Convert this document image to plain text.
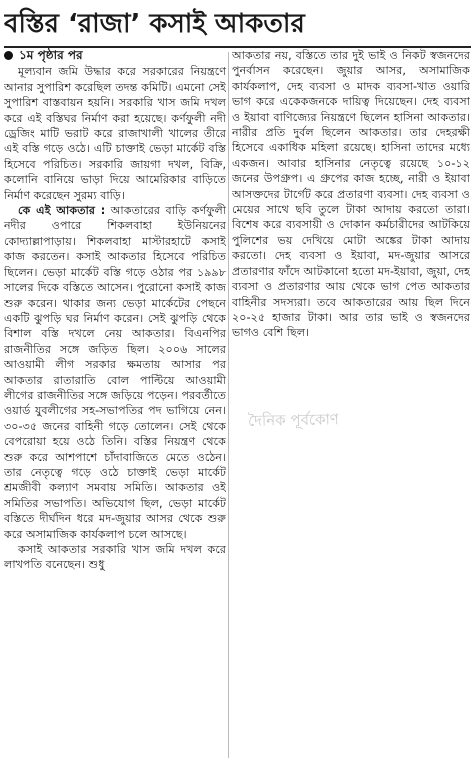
বস্তির ‘রাজা’ কসাই আকতার
১ম পৃষ্ঠার পর

মূল্যবান জমি উদ্ধার করে সরকারের নিয়ন্ত্রণে আনার সুপারিশ করেছিল তদন্ত কমিটি। এমনো সেই সুপারিশ বাস্তবায়ন হয়নি। সরকারি খাস জমি দখল করে এই বস্তিঘর নির্মাণ করা হয়েছে। কর্ণফুলী নদী ড্রেজিং মাটি ভরাট করে রাজাখালী খালের তীরে এই বস্তি গড়ে ওঠে। এটি চাক্তাই ভেড়া মার্কেট বস্তি হিসেবে পরিচিত। সরকারি জায়গা দখল, বিক্রি, কলোনি বানিয়ে ভাড়া দিয়ে আমেরিকার বাড়িতে নির্মাণ করেছেন সুরম্য বাড়ি।

কে এই আকতার : আকতারের বাড়ি কর্ণফুলী নদীর ওপারে শিকলবাহা ইউনিয়নের কোদ্যাল্লাপাড়ায়। শিকলবাহা মাস্টারহাটে কসাই কাজ করতেন। কসাই আকতার হিসেবে পরিচিত ছিলেন। ভেড়া মার্কেট বস্তি গড়ে ওঠার পর ১৯৯৮ সালের দিকে বস্তিতে আসেন। পুরোনো কসাই কাজ শুরু করেন। থাকার জন্য ভেড়া মার্কেটের পেছনে একটি ঝুপড়ি ঘর নির্মাণ করেন। সেই ঝুপড়ি থেকে বিশাল বস্তি দখলে নেয় আকতার। বিএনপির রাজনীতির সঙ্গে জড়িত ছিল। ২০০৬ সালের আওয়ামী লীগ সরকার ক্ষমতায় আসার পর আকতার রাতারাতি বোল পাল্টিয়ে আওয়ামী লীগের রাজনীতির সঙ্গে জড়িয়ে পড়েন। পরবর্তীতে ওয়ার্ড যুবলীগের সহ-সভাপতির পদ ভাগিয়ে নেন। ৩০-৩৫ জনের বাহিনী গড়ে তোলেন। সেই থেকে বেপরোয়া হয়ে ওঠে তিনি। বস্তির নিয়ন্ত্রণ থেকে শুরু করে আশপাশে চাঁদাবাজিতে মেতে ওঠেন। তার নেতৃত্বে গড়ে ওঠে চাক্তাই ভেড়া মার্কেট শ্রমজীবী কল্যাণ সমবায় সমিতি। আকতার ওই সমিতির সভাপতি। অভিযোগ ছিল, ভেড়া মার্কেট বস্তিতে দীর্ঘদিন ধরে মদ-জুয়ার আসর থেকে শুরু করে অসামাজিক কার্যকলাপ চলে আসছে।

কসাই আকতার সরকারি খাস জমি দখল করে লাখপতি বনেছেন। শুধু

আকতার নয়, বস্তিতে তার দুই ভাই ও নিকট স্বজনদের পুনর্বাসন করেছেন। জুয়ার আসর, অসামাজিক কার্যকলাপ, দেহ ব্যবসা ও মাদক ব্যবসা-খাত ওয়ারি ভাগ করে একেকজনকে দায়িত্ব দিয়েছেন। দেহ ব্যবসা ও ইয়াবা বাণিজ্যের নিয়ন্ত্রণে ছিলেন হাসিনা আকতার। নারীর প্রতি দুর্বল ছিলেন আকতার। তার দেহরক্ষী হিসেবে একাধিক মহিলা রয়েছে। হাসিনা তাদের মধ্যে একজন। আবার হাসিনার নেতৃত্বে রয়েছে ১০-১২ জনের উপগ্রুপ। এ গ্রুপের কাজ হচ্ছে, নারী ও ইয়াবা আসক্তদের টার্গেট করে প্রতারণা ব্যবসা। দেহ ব্যবসা ও মেয়ের সাথে ছবি তুলে টাকা আদায় করতো তারা। বিশেষ করে ব্যবসায়ী ও দোকান কর্মচারীদের আটকিয়ে পুলিশের ভয় দেখিয়ে মোটা অঙ্কের টাকা আদায় করতো। দেহ ব্যবসা ও ইয়াবা, মদ-জুয়ার আসরে প্রতারণার ফাঁদে আটকানো হতো মদ-ইয়াবা, জুয়া, দেহ ব্যবসা ও প্রতারণার আয় থেকে ভাগ পেত আকতার বাহিনীর সদস্যরা। তবে আকতারের আয় ছিল দিনে ২০-২৫ হাজার টাকা। আর তার ভাই ও স্বজনদের ভাগও বেশি ছিল।

দৈনিক পূর্বকোণ
